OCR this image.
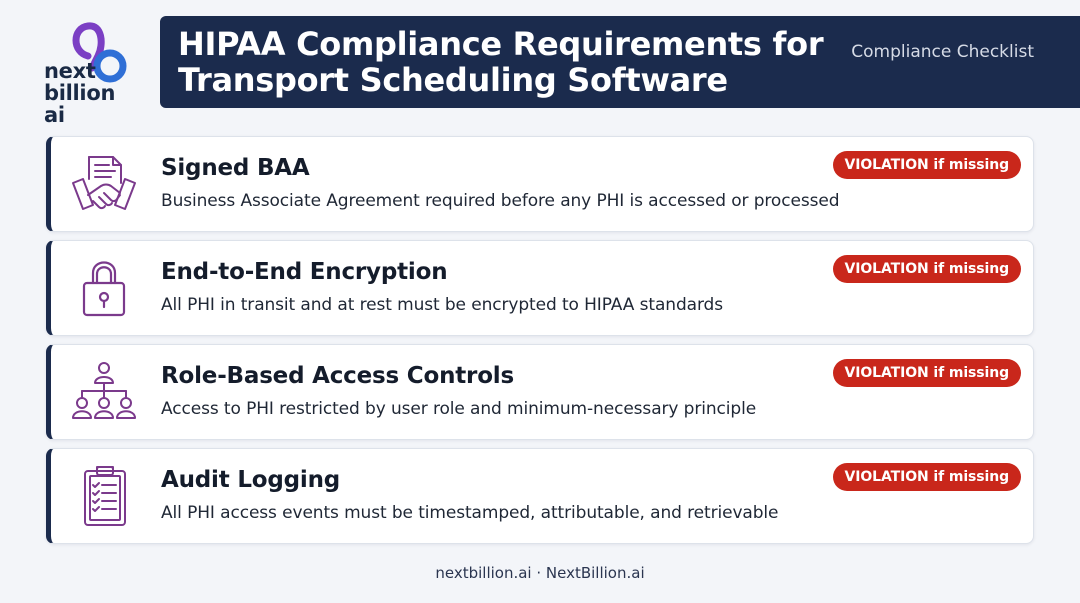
next
billion ai
HIPAA Compliance Requirements for Transport Scheduling Software
Compliance Checklist
Signed BAA
Business Associate Agreement required before any PHI is accessed or processed
VIOLATION if missing
End-to-End Encryption
All PHI in transit and at rest must be encrypted to HIPAA standards
VIOLATION if missing
Role-Based Access Controls
Access to PHI restricted by user role and minimum-necessary principle
VIOLATION if missing
Audit Logging
All PHI access events must be timestamped, attributable, and retrievable
VIOLATION if missing
nextbillion.ai · NextBillion.ai
